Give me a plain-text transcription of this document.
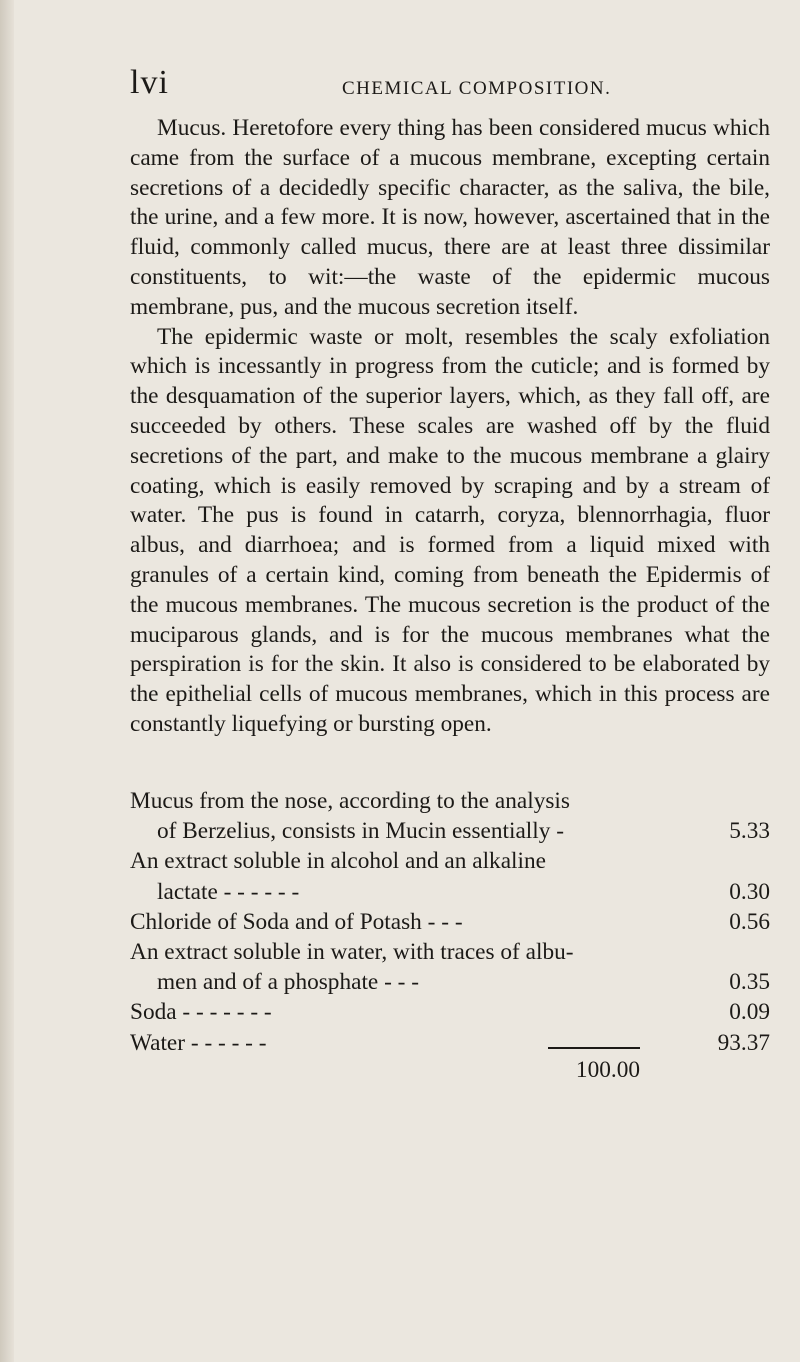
lvi	CHEMICAL COMPOSITION.

Mucus. Heretofore every thing has been considered mucus which came from the surface of a mucous membrane, excepting certain secretions of a decidedly specific character, as the saliva, the bile, the urine, and a few more. It is now, however, ascertained that in the fluid, commonly called mucus, there are at least three dissimilar constituents, to wit:—the waste of the epidermic mucous membrane, pus, and the mucous secretion itself.

The epidermic waste or molt, resembles the scaly exfoliation which is incessantly in progress from the cuticle; and is formed by the desquamation of the superior layers, which, as they fall off, are succeeded by others. These scales are washed off by the fluid secretions of the part, and make to the mucous membrane a glairy coating, which is easily removed by scraping and by a stream of water. The pus is found in catarrh, coryza, blennorrhagia, fluor albus, and diarrhoea; and is formed from a liquid mixed with granules of a certain kind, coming from beneath the Epidermis of the mucous membranes. The mucous secretion is the product of the muciparous glands, and is for the mucous membranes what the perspiration is for the skin. It also is considered to be elaborated by the epithelial cells of mucous membranes, which in this process are constantly liquefying or bursting open.

Mucus from the nose, according to the analysis
of Berzelius, consists in Mucin essentially -	5.33
An extract soluble in alcohol and an alkaline
lactate - - - - - -	0.30
Chloride of Soda and of Potash - - -	0.56
An extract soluble in water, with traces of albu-
men and of a phosphate - - -	0.35
Soda - - - - - - -	0.09
Water - - - - - -	93.37
100.00
